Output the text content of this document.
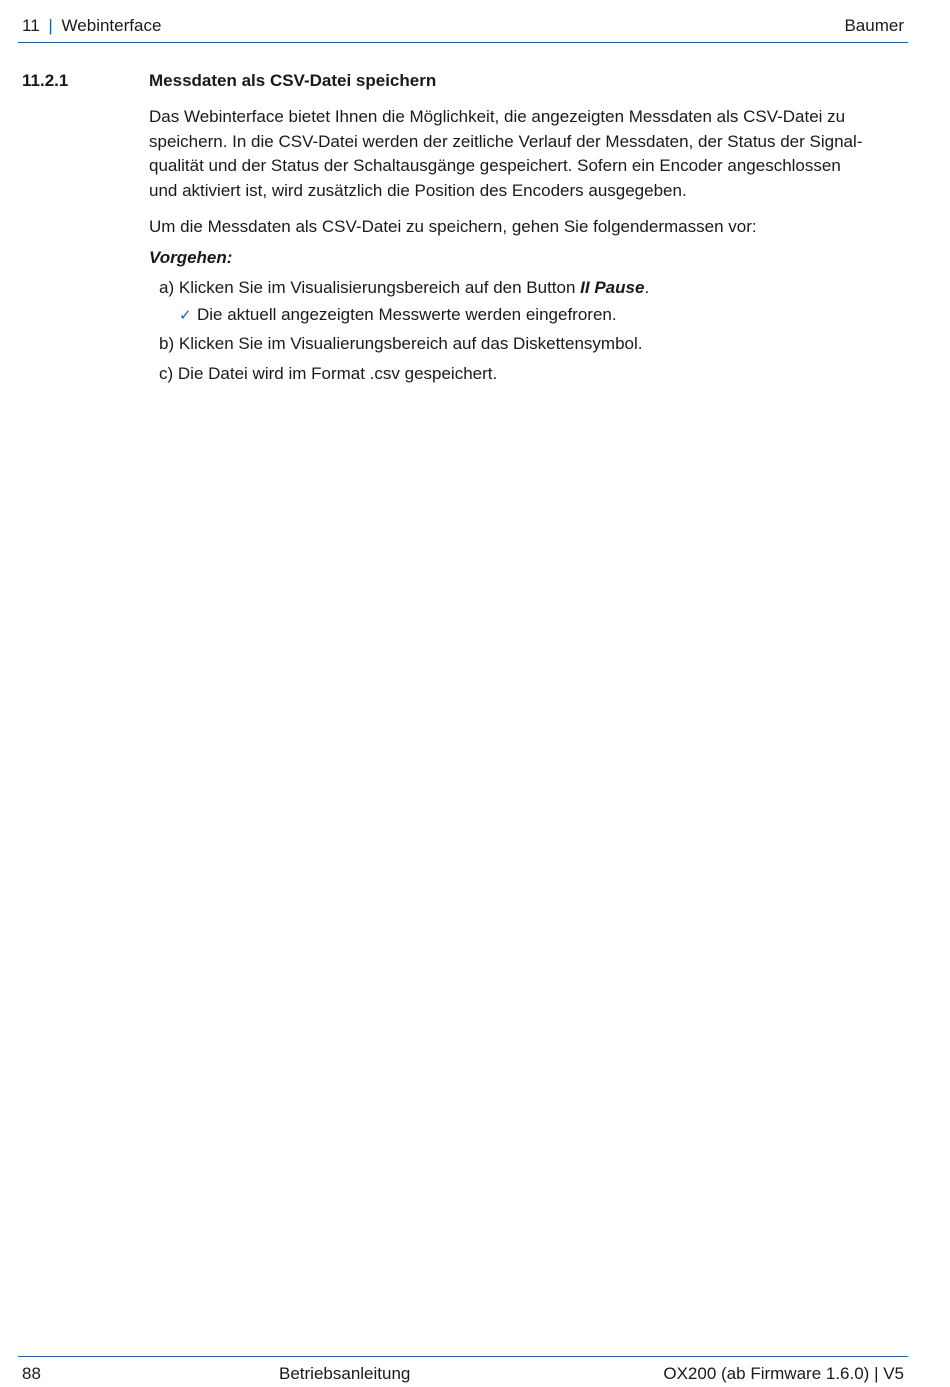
11 | Webinterface	Baumer
11.2.1	Messdaten als CSV-Datei speichern

Das Webinterface bietet Ihnen die Möglichkeit, die angezeigten Messdaten als CSV-Datei zu
speichern. In die CSV-Datei werden der zeitliche Verlauf der Messdaten, der Status der Signal-
qualität und der Status der Schaltausgänge gespeichert. Sofern ein Encoder angeschlossen
und aktiviert ist, wird zusätzlich die Position des Encoders ausgegeben.

Um die Messdaten als CSV-Datei zu speichern, gehen Sie folgendermassen vor:

Vorgehen:

a) Klicken Sie im Visualisierungsbereich auf den Button II Pause.
✓ Die aktuell angezeigten Messwerte werden eingefroren.
b) Klicken Sie im Visualierungsbereich auf das Diskettensymbol.
c) Die Datei wird im Format .csv gespeichert.
88	Betriebsanleitung	OX200 (ab Firmware 1.6.0) | V5
